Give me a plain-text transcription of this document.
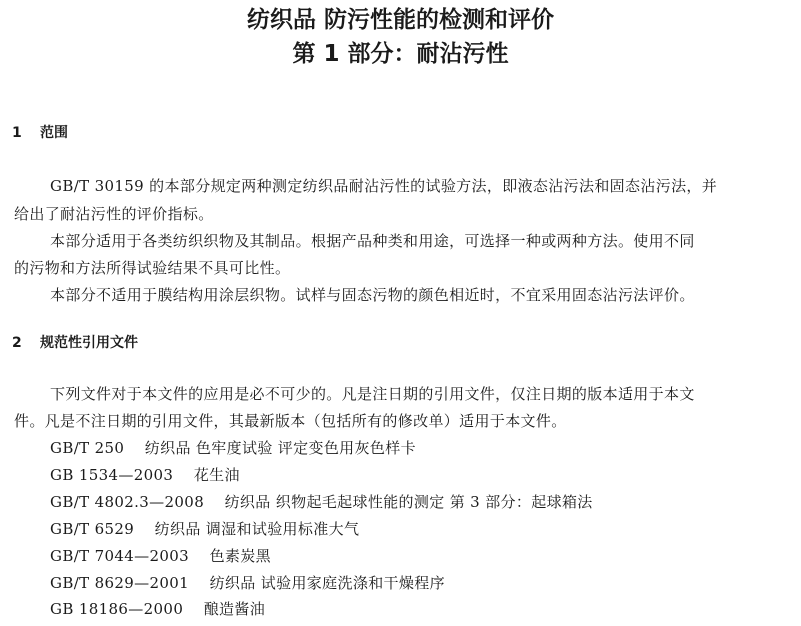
纺织品 防污性能的检测和评价
第 1 部分：耐沾污性
1 范围
GB/T 30159 的本部分规定两种测定纺织品耐沾污性的试验方法，即液态沾污法和固态沾污法，并
给出了耐沾污性的评价指标。
本部分适用于各类纺织织物及其制品。根据产品种类和用途，可选择一种或两种方法。使用不同
的污物和方法所得试验结果不具可比性。
本部分不适用于膜结构用涂层织物。试样与固态污物的颜色相近时，不宜采用固态沾污法评价。
2 规范性引用文件
下列文件对于本文件的应用是必不可少的。凡是注日期的引用文件，仅注日期的版本适用于本文
件。凡是不注日期的引用文件，其最新版本（包括所有的修改单）适用于本文件。
GB/T 250 纺织品 色牢度试验 评定变色用灰色样卡
GB 1534—2003 花生油
GB/T 4802.3—2008 纺织品 织物起毛起球性能的测定 第 3 部分：起球箱法
GB/T 6529 纺织品 调湿和试验用标准大气
GB/T 7044—2003 色素炭黑
GB/T 8629—2001 纺织品 试验用家庭洗涤和干燥程序
GB 18186—2000 酿造酱油
